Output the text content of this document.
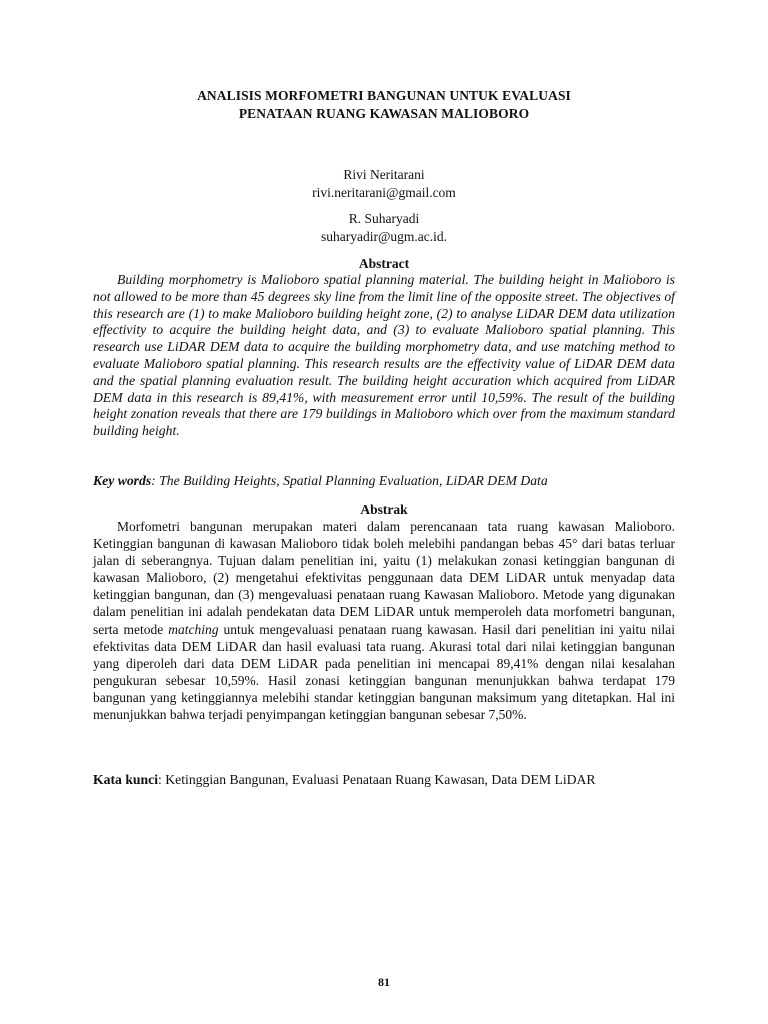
ANALISIS MORFOMETRI BANGUNAN UNTUK EVALUASI
PENATAAN RUANG KAWASAN MALIOBORO
Rivi Neritarani
rivi.neritarani@gmail.com
R. Suharyadi
suharyadir@ugm.ac.id.
Abstract

Building morphometry is Malioboro spatial planning material. The building height in Malioboro is not allowed to be more than 45 degrees sky line from the limit line of the opposite street. The objectives of this research are (1) to make Malioboro building height zone, (2) to analyse LiDAR DEM data utilization effectivity to acquire the building height data, and (3) to evaluate Malioboro spatial planning. This research use LiDAR DEM data to acquire the building morphometry data, and use matching method to evaluate Malioboro spatial planning. This research results are the effectivity value of LiDAR DEM data and the spatial planning evaluation result. The building height accuration which acquired from LiDAR DEM data in this research is 89,41%, with measurement error until 10,59%. The result of the building height zonation reveals that there are 179 buildings in Malioboro which over from the maximum standard building height.

Key words: The Building Heights, Spatial Planning Evaluation, LiDAR DEM Data

Abstrak

Morfometri bangunan merupakan materi dalam perencanaan tata ruang kawasan Malioboro. Ketinggian bangunan di kawasan Malioboro tidak boleh melebihi pandangan bebas 45° dari batas terluar jalan di seberangnya. Tujuan dalam penelitian ini, yaitu (1) melakukan zonasi ketinggian bangunan di kawasan Malioboro, (2) mengetahui efektivitas penggunaan data DEM LiDAR untuk menyadap data ketinggian bangunan, dan (3) mengevaluasi penataan ruang Kawasan Malioboro. Metode yang digunakan dalam penelitian ini adalah pendekatan data DEM LiDAR untuk memperoleh data morfometri bangunan, serta metode matching untuk mengevaluasi penataan ruang kawasan. Hasil dari penelitian ini yaitu nilai efektivitas data DEM LiDAR dan hasil evaluasi tata ruang. Akurasi total dari nilai ketinggian bangunan yang diperoleh dari data DEM LiDAR pada penelitian ini mencapai 89,41% dengan nilai kesalahan pengukuran sebesar 10,59%. Hasil zonasi ketinggian bangunan menunjukkan bahwa terdapat 179 bangunan yang ketinggiannya melebihi standar ketinggian bangunan maksimum yang ditetapkan. Hal ini menunjukkan bahwa terjadi penyimpangan ketinggian bangunan sebesar 7,50%.

Kata kunci: Ketinggian Bangunan, Evaluasi Penataan Ruang Kawasan, Data DEM LiDAR

81
